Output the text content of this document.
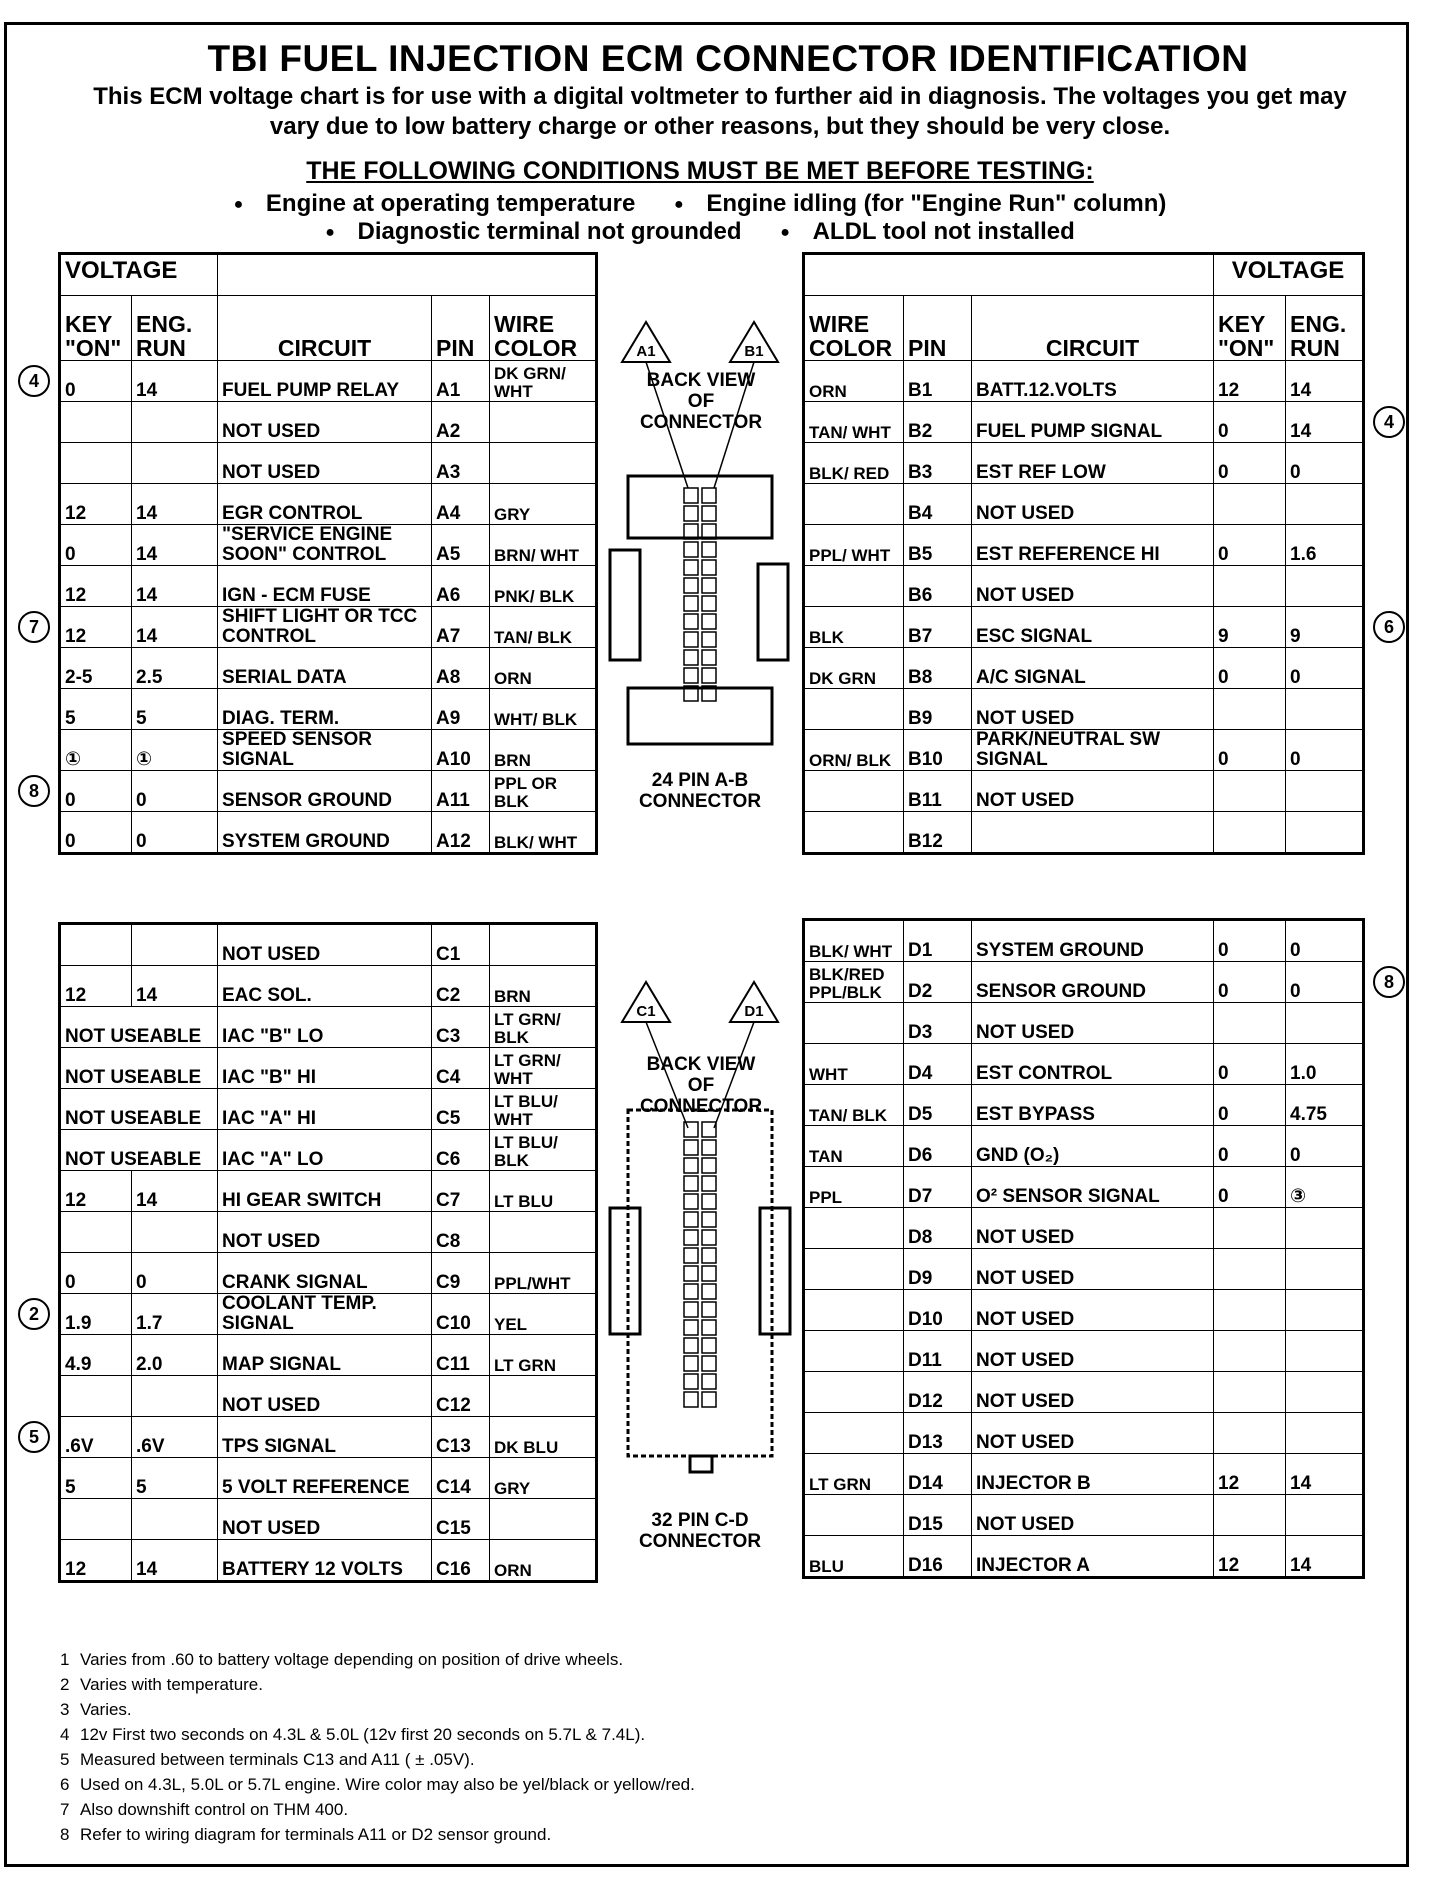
TBI FUEL INJECTION ECM CONNECTOR IDENTIFICATION
This ECM voltage chart is for use with a digital voltmeter to further aid in diagnosis. The voltages you get may vary due to low battery charge or other reasons, but they should be very close.
THE FOLLOWING CONDITIONS MUST BE MET BEFORE TESTING:
● Engine at operating temperature ● Engine idling (for "Engine Run" column)
● Diagnostic terminal not grounded ● ALDL tool not installed
VOLTAGE				
KEY "ON"	ENG. RUN	CIRCUIT	PIN	WIRE COLOR
0	14	FUEL PUMP RELAY	A1	DK GRN/ WHT
		NOT USED	A2	
		NOT USED	A3	
12	14	EGR CONTROL	A4	GRY
0	14	"SERVICE ENGINE SOON" CONTROL	A5	BRN/ WHT
12	14	IGN - ECM FUSE	A6	PNK/ BLK
12	14	SHIFT LIGHT OR TCC CONTROL	A7	TAN/ BLK
2-5	2.5	SERIAL DATA	A8	ORN
5	5	DIAG. TERM.	A9	WHT/ BLK
①	①	SPEED SENSOR SIGNAL	A10	BRN
0	0	SENSOR GROUND	A11	PPL OR BLK
0	0	SYSTEM GROUND	A12	BLK/ WHT
			VOLTAGE	
WIRE COLOR	PIN	CIRCUIT	KEY "ON"	ENG. RUN
ORN	B1	BATT.12.VOLTS	12	14
TAN/ WHT	B2	FUEL PUMP SIGNAL	0	14
BLK/ RED	B3	EST REF LOW	0	0
	B4	NOT USED		
PPL/ WHT	B5	EST REFERENCE HI	0	1.6
	B6	NOT USED		
BLK	B7	ESC SIGNAL	9	9
DK GRN	B8	A/C SIGNAL	0	0
	B9	NOT USED		
ORN/ BLK	B10	PARK/NEUTRAL SW SIGNAL	0	0
	B11	NOT USED		
	B12			
		NOT USED	C1	
12	14	EAC SOL.	C2	BRN
NOT USEABLE		IAC "B" LO	C3	LT GRN/ BLK
NOT USEABLE		IAC "B" HI	C4	LT GRN/ WHT
NOT USEABLE		IAC "A" HI	C5	LT BLU/ WHT
NOT USEABLE		IAC "A" LO	C6	LT BLU/ BLK
12	14	HI GEAR SWITCH	C7	LT BLU
		NOT USED	C8	
0	0	CRANK SIGNAL	C9	PPL/WHT
1.9	1.7	COOLANT TEMP. SIGNAL	C10	YEL
4.9	2.0	MAP SIGNAL	C11	LT GRN
		NOT USED	C12	
.6V	.6V	TPS SIGNAL	C13	DK BLU
5	5	5 VOLT REFERENCE	C14	GRY
		NOT USED	C15	
12	14	BATTERY 12 VOLTS	C16	ORN
BLK/ WHT	D1	SYSTEM GROUND	0	0
BLK/RED PPL/BLK	D2	SENSOR GROUND	0	0
	D3	NOT USED		
WHT	D4	EST CONTROL	0	1.0
TAN/ BLK	D5	EST BYPASS	0	4.75
TAN	D6	GND (O₂)	0	0
PPL	D7	O² SENSOR SIGNAL	0	③
	D8	NOT USED		
	D9	NOT USED		
	D10	NOT USED		
	D11	NOT USED		
	D12	NOT USED		
	D13	NOT USED		
LT GRN	D14	INJECTOR B	12	14
	D15	NOT USED		
BLU	D16	INJECTOR A	12	14
A1	B1
BACK VIEW OF CONNECTOR
24 PIN A-B CONNECTOR
C1	D1
BACK VIEW OF CONNECTOR
32 PIN C-D CONNECTOR
1 Varies from .60 to battery voltage depending on position of drive wheels.
2 Varies with temperature.
3 Varies.
4 12v First two seconds on 4.3L & 5.0L (12v first 20 seconds on 5.7L & 7.4L).
5 Measured between terminals C13 and A11 ( ± .05V).
6 Used on 4.3L, 5.0L or 5.7L engine. Wire color may also be yel/black or yellow/red.
7 Also downshift control on THM 400.
8 Refer to wiring diagram for terminals A11 or D2 sensor ground.
4
7
8
4
6
2
5
8
